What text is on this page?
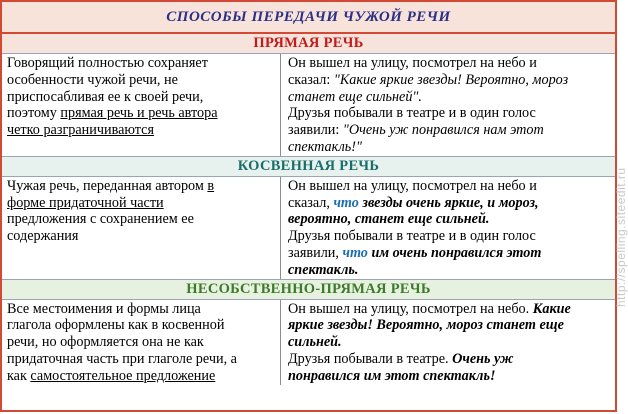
СПОСОБЫ ПЕРЕДАЧИ ЧУЖОЙ РЕЧИ
ПРЯМАЯ РЕЧЬ
Говорящий полностью сохраняет
особенности чужой речи, не
приспосабливая ее к своей речи,
поэтому прямая речь и речь автора
четко разграничиваются
Он вышел на улицу, посмотрел на небо и
сказал: "Какие яркие звезды! Вероятно, мороз
станет еще сильней".
Друзья побывали в театре и в один голос
заявили: "Очень уж понравился нам этот
спектакль!"
КОСВЕННАЯ РЕЧЬ
Чужая речь, переданная автором в
форме придаточной части
предложения с сохранением ее
содержания
Он вышел на улицу, посмотрел на небо и
сказал, что звезды очень яркие, и мороз,
вероятно, станет еще сильней.
Друзья побывали в театре и в один голос
заявили, что им очень понравился этот
спектакль.
НЕСОБСТВЕННО-ПРЯМАЯ РЕЧЬ
Все местоимения и формы лица
глагола оформлены как в косвенной
речи, но оформляется она не как
придаточная часть при глаголе речи, а
как самостоятельное предложение
Он вышел на улицу, посмотрел на небо. Какие
яркие звезды! Вероятно, мороз станет еще
сильней.
Друзья побывали в театре. Очень уж
понравился им этот спектакль!
http://spelling.siteedit.ru
